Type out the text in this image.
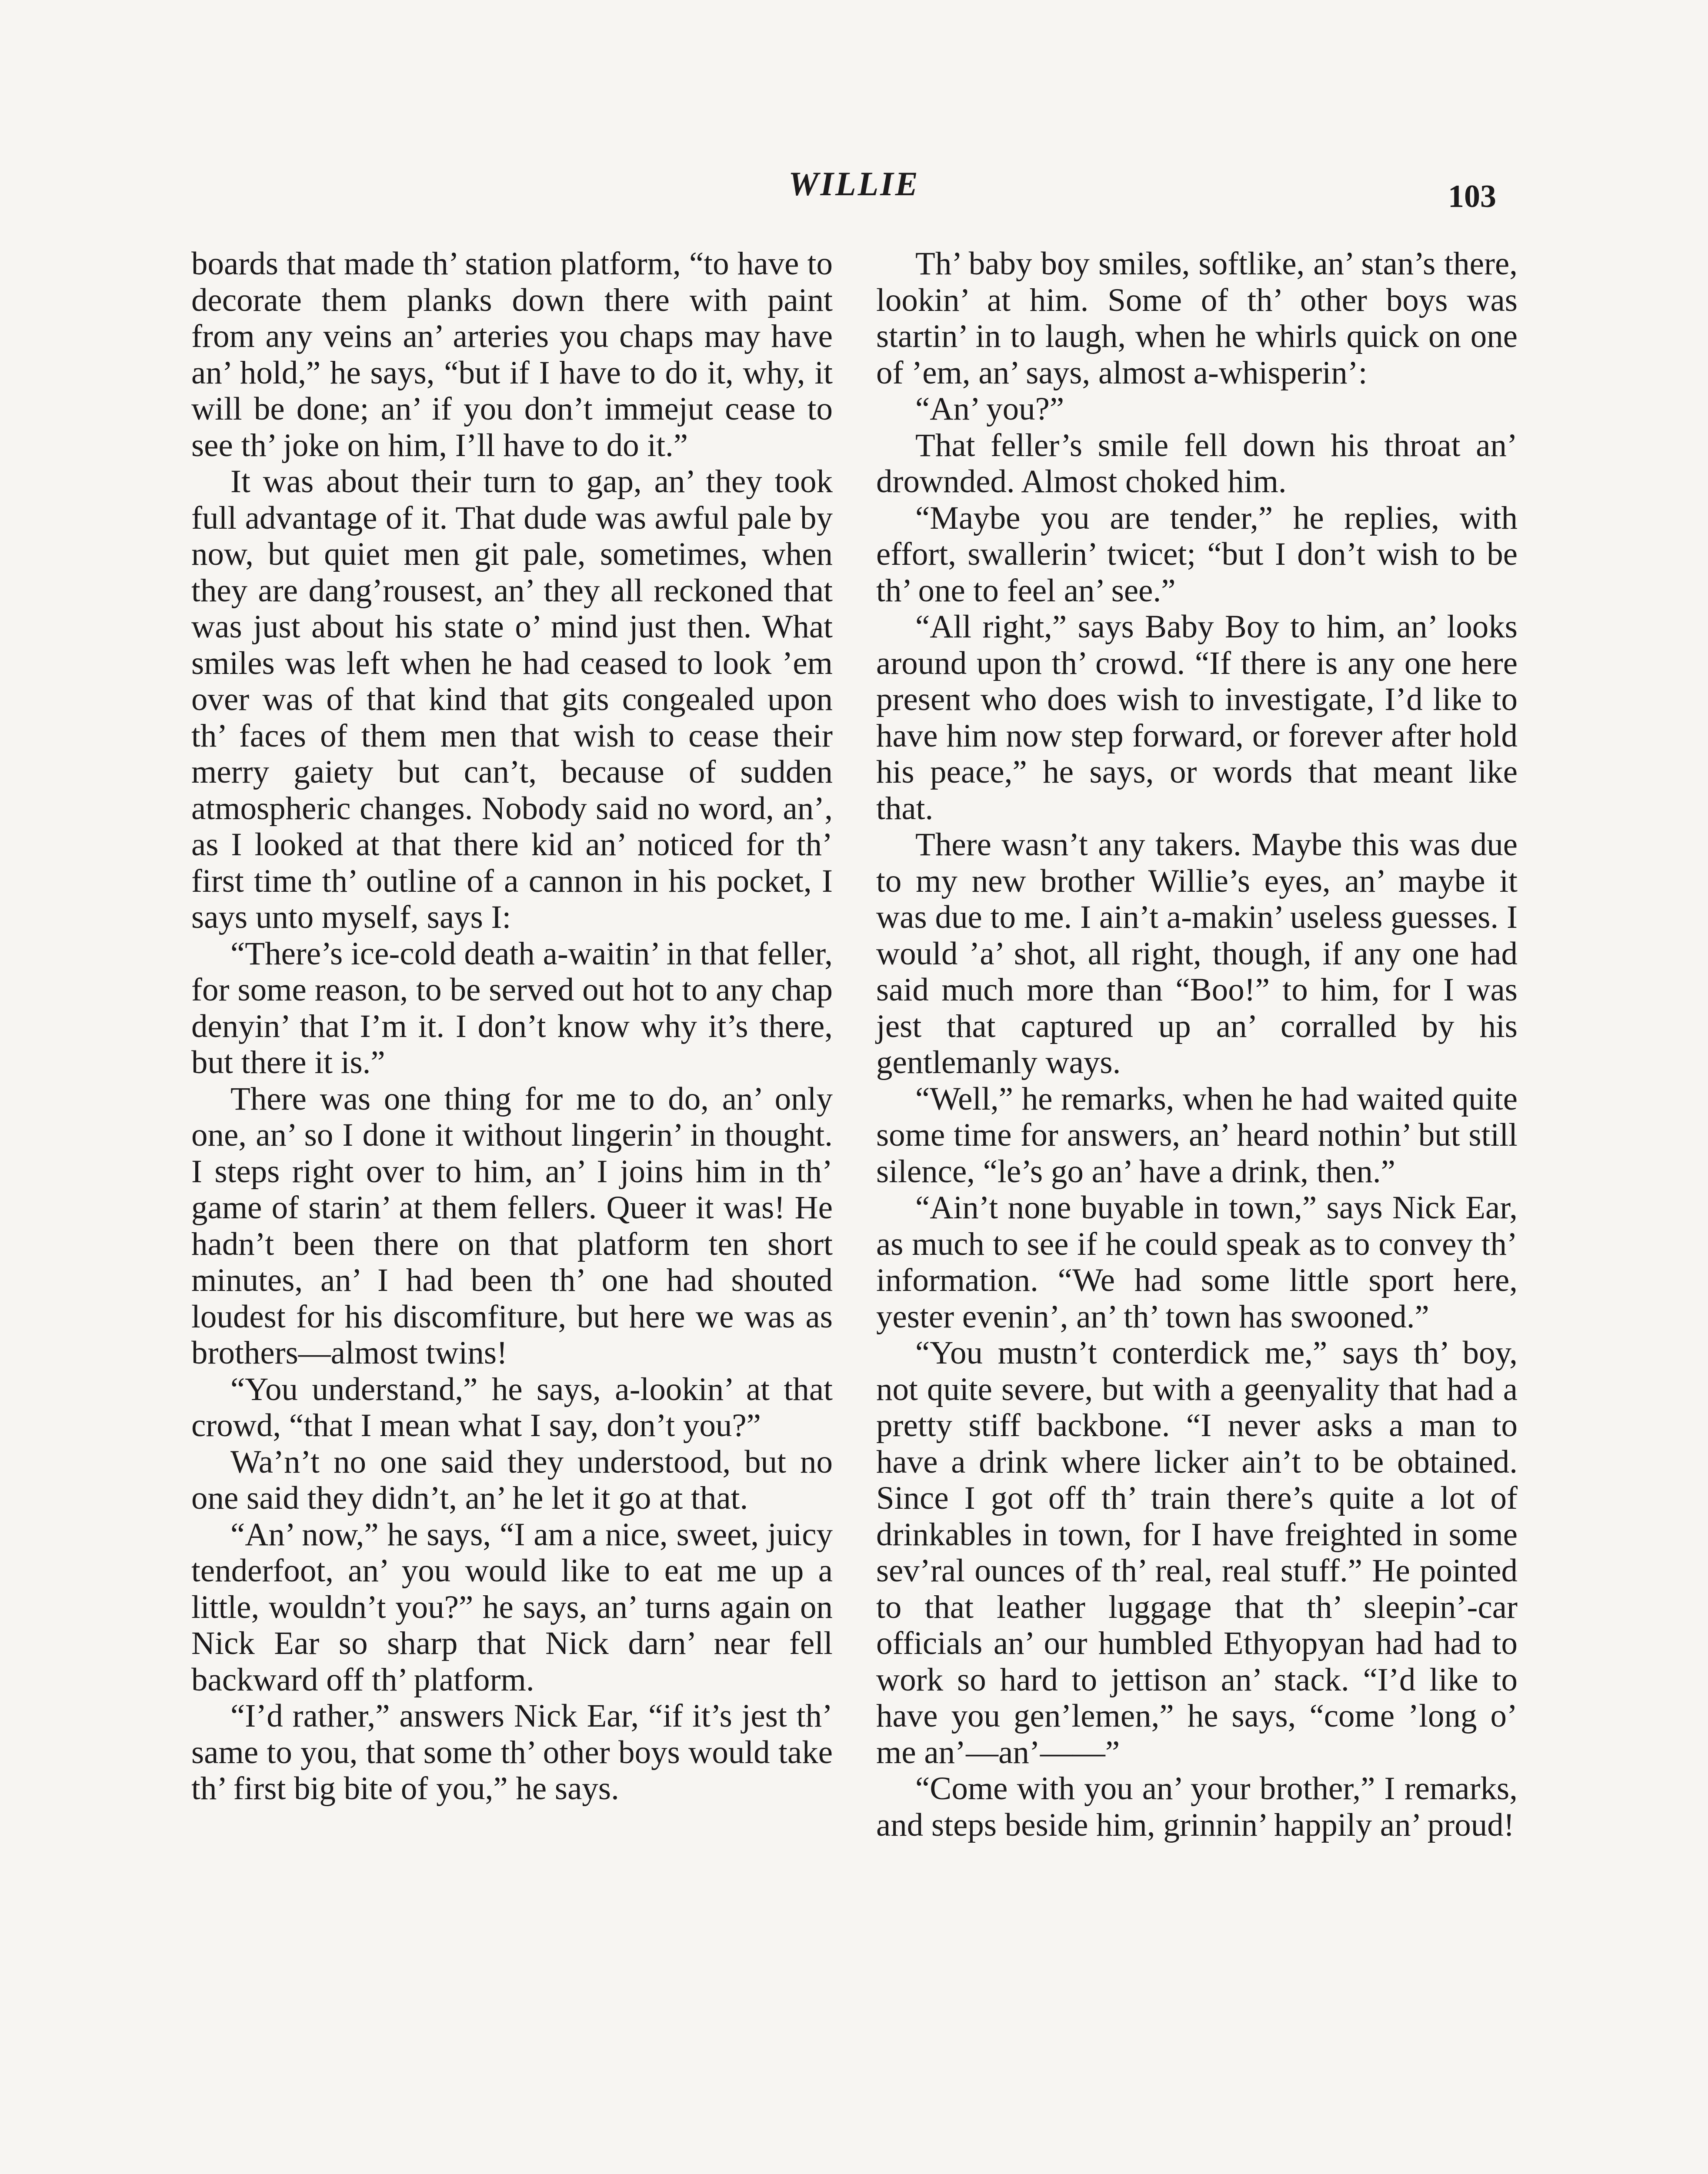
WILLIE	103

boards that made th’ station platform, “to have to decorate them planks down there with paint from any veins an’ arteries you chaps may have an’ hold,” he says, “but if I have to do it, why, it will be done; an’ if you don’t immejut cease to see th’ joke on him, I’ll have to do it.”

It was about their turn to gap, an’ they took full advantage of it. That dude was awful pale by now, but quiet men git pale, sometimes, when they are dang’rousest, an’ they all reckoned that was just about his state o’ mind just then. What smiles was left when he had ceased to look ’em over was of that kind that gits congealed upon th’ faces of them men that wish to cease their merry gaiety but can’t, because of sudden atmospheric changes. Nobody said no word, an’, as I looked at that there kid an’ noticed for th’ first time th’ outline of a cannon in his pocket, I says unto myself, says I:

“There’s ice-cold death a-waitin’ in that feller, for some reason, to be served out hot to any chap denyin’ that I’m it. I don’t know why it’s there, but there it is.”

There was one thing for me to do, an’ only one, an’ so I done it without lingerin’ in thought. I steps right over to him, an’ I joins him in th’ game of starin’ at them fellers. Queer it was! He hadn’t been there on that platform ten short minutes, an’ I had been th’ one had shouted loudest for his discomfiture, but here we was as brothers—almost twins!

“You understand,” he says, a-lookin’ at that crowd, “that I mean what I say, don’t you?”

Wa’n’t no one said they understood, but no one said they didn’t, an’ he let it go at that.

“An’ now,” he says, “I am a nice, sweet, juicy tenderfoot, an’ you would like to eat me up a little, wouldn’t you?” he says, an’ turns again on Nick Ear so sharp that Nick darn’ near fell backward off th’ platform.

“I’d rather,” answers Nick Ear, “if it’s jest th’ same to you, that some th’ other boys would take th’ first big bite of you,” he says.

Th’ baby boy smiles, softlike, an’ stan’s there, lookin’ at him. Some of th’ other boys was startin’ in to laugh, when he whirls quick on one of ’em, an’ says, almost a-whisperin’:

“An’ you?”

That feller’s smile fell down his throat an’ drownded. Almost choked him.

“Maybe you are tender,” he replies, with effort, swallerin’ twicet; “but I don’t wish to be th’ one to feel an’ see.”

“All right,” says Baby Boy to him, an’ looks around upon th’ crowd. “If there is any one here present who does wish to investigate, I’d like to have him now step forward, or forever after hold his peace,” he says, or words that meant like that.

There wasn’t any takers. Maybe this was due to my new brother Willie’s eyes, an’ maybe it was due to me. I ain’t a-makin’ useless guesses. I would ’a’ shot, all right, though, if any one had said much more than “Boo!” to him, for I was jest that captured up an’ corralled by his gentlemanly ways.

“Well,” he remarks, when he had waited quite some time for answers, an’ heard nothin’ but still silence, “le’s go an’ have a drink, then.”

“Ain’t none buyable in town,” says Nick Ear, as much to see if he could speak as to convey th’ information. “We had some little sport here, yester evenin’, an’ th’ town has swooned.”

“You mustn’t conterdick me,” says th’ boy, not quite severe, but with a geenyality that had a pretty stiff backbone. “I never asks a man to have a drink where licker ain’t to be obtained. Since I got off th’ train there’s quite a lot of drinkables in town, for I have freighted in some sev’ral ounces of th’ real, real stuff.” He pointed to that leather luggage that th’ sleepin’-car officials an’ our humbled Ethyopyan had had to work so hard to jettison an’ stack. “I’d like to have you gen’lemen,” he says, “come ’long o’ me an’—an’——”

“Come with you an’ your brother,” I remarks, and steps beside him, grinnin’ happily an’ proud!
